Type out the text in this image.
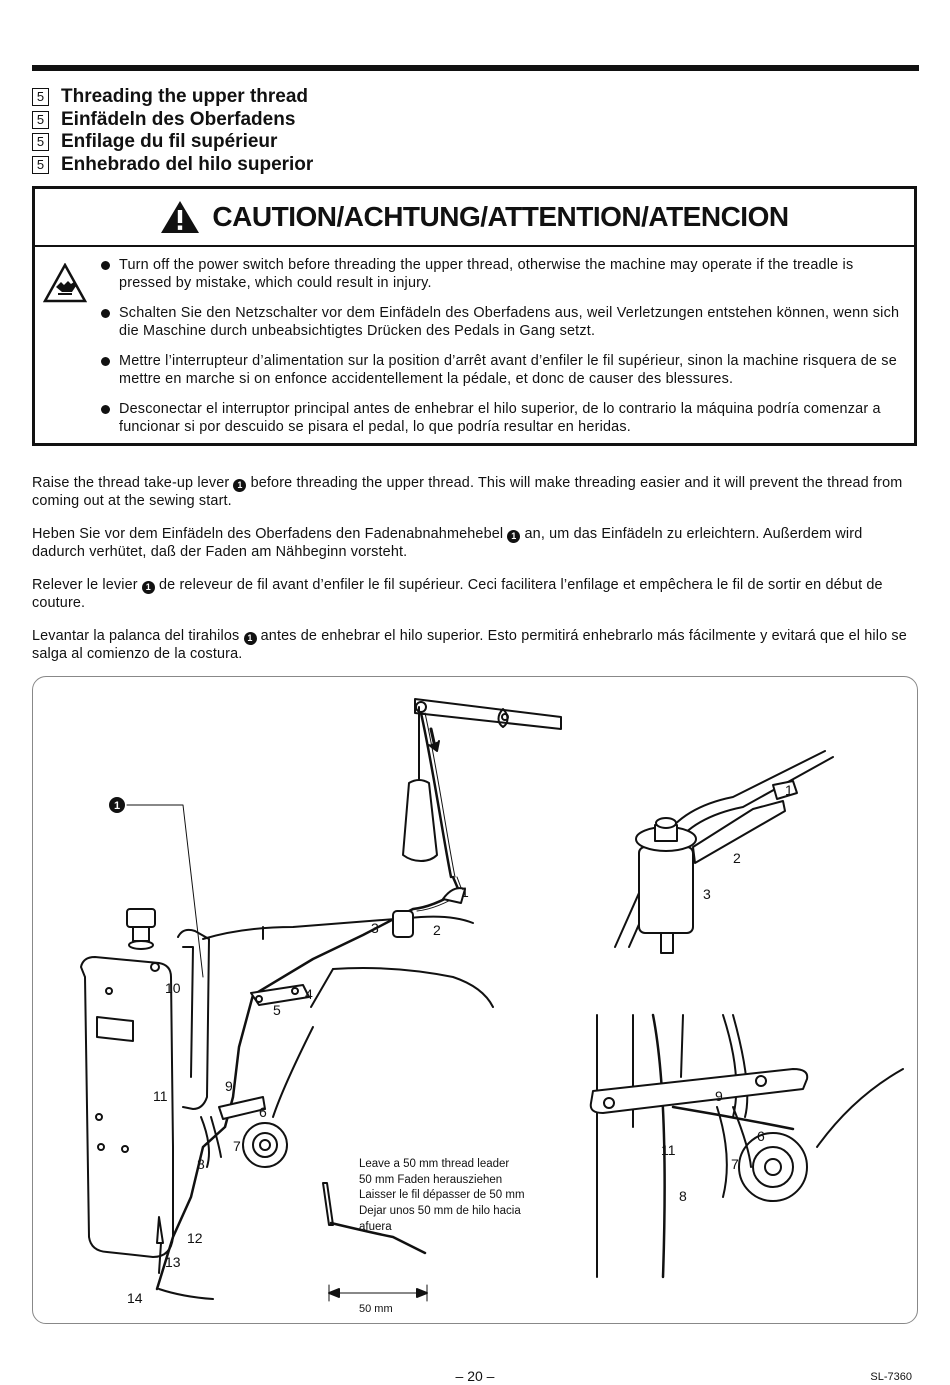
5 Threading the upper thread
5 Einfädeln des Oberfadens
5 Enfilage du fil supérieur
5 Enhebrado del hilo superior
CAUTION/ACHTUNG/ATTENTION/ATENCION
Turn off the power switch before threading the upper thread, otherwise the machine may operate if the treadle is pressed by mistake, which could result in injury.
Schalten Sie den Netzschalter vor dem Einfädeln des Oberfadens aus, weil Verletzungen entstehen können, wenn sich die Maschine durch unbeabsichtigtes Drücken des Pedals in Gang setzt.
Mettre l’interrupteur d’alimentation sur la position d’arrêt avant d’enfiler le fil supérieur, sinon la machine risquera de se mettre en marche si on enfonce accidentellement la pédale, et donc de causer des blessures.
Desconectar el interruptor principal antes de enhebrar el hilo superior, de lo contrario la máquina podría comenzar a funcionar si por descuido se pisara el pedal, lo que podría resultar en heridas.
Raise the thread take-up lever 1 before threading the upper thread. This will make threading easier and it will prevent the thread from coming out at the sewing start.
Heben Sie vor dem Einfädeln des Oberfadens den Fadenabnahmehebel 1 an, um das Einfädeln zu erleichtern. Außerdem wird dadurch verhütet, daß der Faden am Nähbeginn vorsteht.
Relever le levier 1 de releveur de fil avant d’enfiler le fil supérieur. Ceci facilitera l’enfilage et empêchera le fil de sortir en début de couture.
Levantar la palanca del tirahilos 1 antes de enhebrar el hilo superior. Esto permitirá enhebrarlo más fácilmente y evitará que el hilo se salga al comienzo de la costura.
1
1
2
3
4
5
6
7
8
9
10
11
12
13
14
1
2
3
6
7
8
9
11
Leave a 50 mm thread leader
50 mm Faden herausziehen
Laisser le fil dépasser de 50 mm
Dejar unos 50 mm de hilo hacia
afuera
50 mm
– 20 –	SL-7360
